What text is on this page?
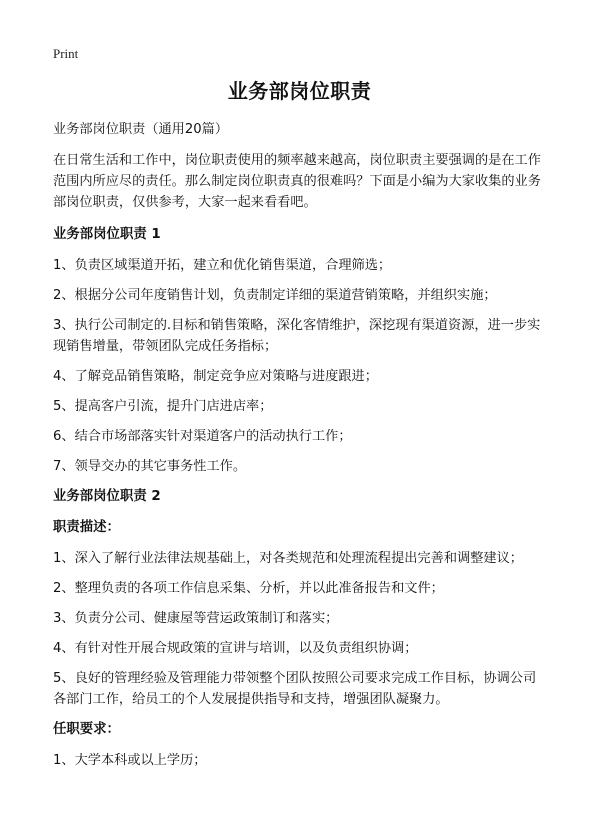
Print
业务部岗位职责

业务部岗位职责（通用20篇）

在日常生活和工作中，岗位职责使用的频率越来越高，岗位职责主要强调的是在工作范围内所应尽的责任。那么制定岗位职责真的很难吗？下面是小编为大家收集的业务部岗位职责，仅供参考，大家一起来看看吧。

业务部岗位职责 1
1、负责区域渠道开拓，建立和优化销售渠道，合理筛选；
2、根据分公司年度销售计划，负责制定详细的渠道营销策略，并组织实施；
3、执行公司制定的.目标和销售策略，深化客情维护，深挖现有渠道资源，进一步实现销售增量，带领团队完成任务指标；
4、了解竞品销售策略，制定竞争应对策略与进度跟进；
5、提高客户引流，提升门店进店率；
6、结合市场部落实针对渠道客户的活动执行工作；
7、领导交办的其它事务性工作。
业务部岗位职责 2
职责描述：
1、深入了解行业法律法规基础上，对各类规范和处理流程提出完善和调整建议；
2、整理负责的各项工作信息采集、分析，并以此准备报告和文件；
3、负责分公司、健康屋等营运政策制订和落实；
4、有针对性开展合规政策的宣讲与培训，以及负责组织协调；
5、良好的管理经验及管理能力带领整个团队按照公司要求完成工作目标，协调公司各部门工作，给员工的个人发展提供指导和支持，增强团队凝聚力。
任职要求：
1、大学本科或以上学历；
